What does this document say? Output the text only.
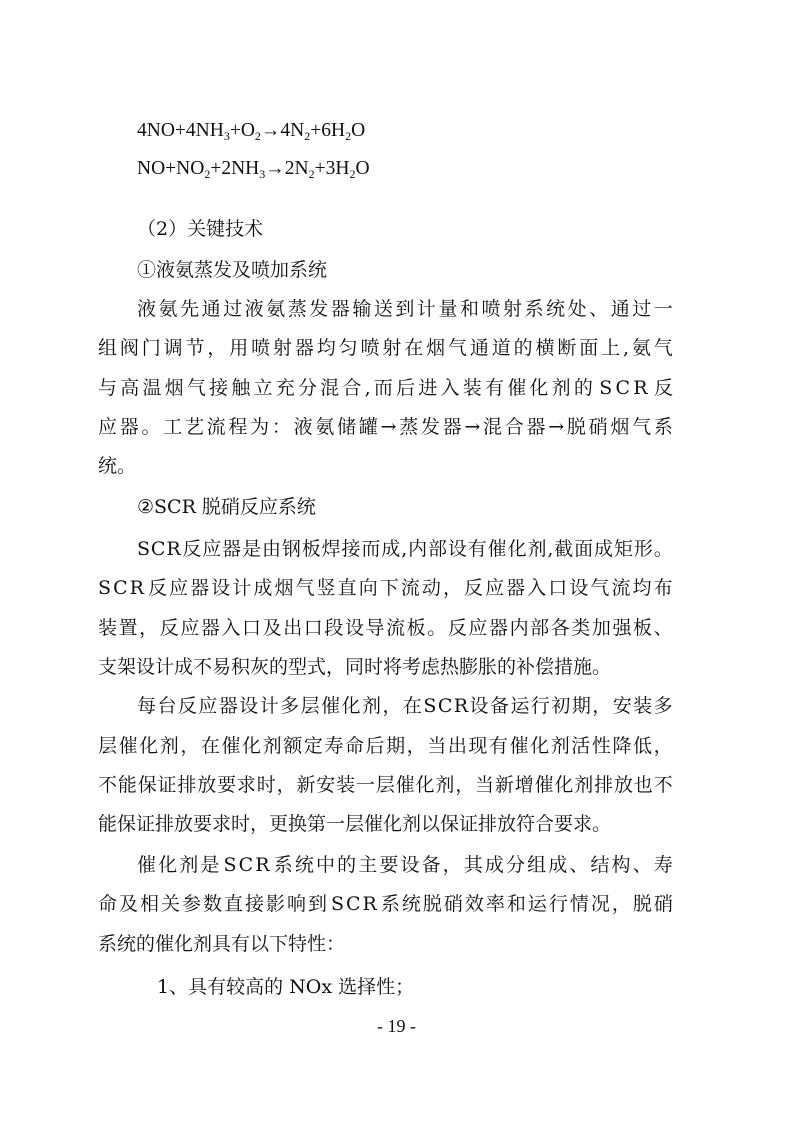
$4NO+4NH_3+O_2\to 4N_2+6H_2O$
$NO+NO_2+2NH_3\to 2N_2+3H_2O$
（2）关键技术
①液氨蒸发及喷加系统
液 氨 先 通 过 液 氨 蒸 发 器 输 送 到 计 量 和 喷 射 系 统 处 、 通 过 一
组 阀 门 调 节 ， 用 喷 射 器 均 匀 喷 射 在 烟 气 通 道 的 横 断 面 上 , 氨 气
与 高 温 烟 气 接 触 立 充 分 混 合 , 而 后 进 入 装 有 催 化 剂 的 S C R 反
应 器 。 工 艺 流 程 为 ： 液 氨 储 罐 → 蒸 发 器 → 混 合 器 → 脱 硝 烟 气 系
统。
②SCR 脱硝反应系统
S C R 反 应 器 是 由 钢 板 焊 接 而 成 , 内 部 设 有 催 化 剂 , 截 面 成 矩 形 。
S C R 反 应 器 设 计 成 烟 气 竖 直 向 下 流 动 ， 反 应 器 入 口 设 气 流 均 布
装 置 ， 反 应 器 入 口 及 出 口 段 设 导 流 板 。 反 应 器 内 部 各 类 加 强 板 、
支架设计成不易积灰的型式，同时将考虑热膨胀的补偿措施。
每 台 反 应 器 设 计 多 层 催 化 剂 ， 在 S C R 设 备 运 行 初 期 ， 安 装 多
层 催 化 剂 ， 在 催 化 剂 额 定 寿 命 后 期 ， 当 出 现 有 催 化 剂 活 性 降 低 ，
不 能 保 证 排 放 要 求 时 ， 新 安 装 一 层 催 化 剂 ， 当 新 增 催 化 剂 排 放 也 不
能保证排放要求时，更换第一层催化剂以保证排放符合要求。
催 化 剂 是 S C R 系 统 中 的 主 要 设 备 ， 其 成 分 组 成 、 结 构 、 寿
命 及 相 关 参 数 直 接 影 响 到 S C R 系 统 脱 硝 效 率 和 运 行 情 况 ， 脱 硝
系统的催化剂具有以下特性：
1、具有较高的 NOx 选择性；
- 19 -
